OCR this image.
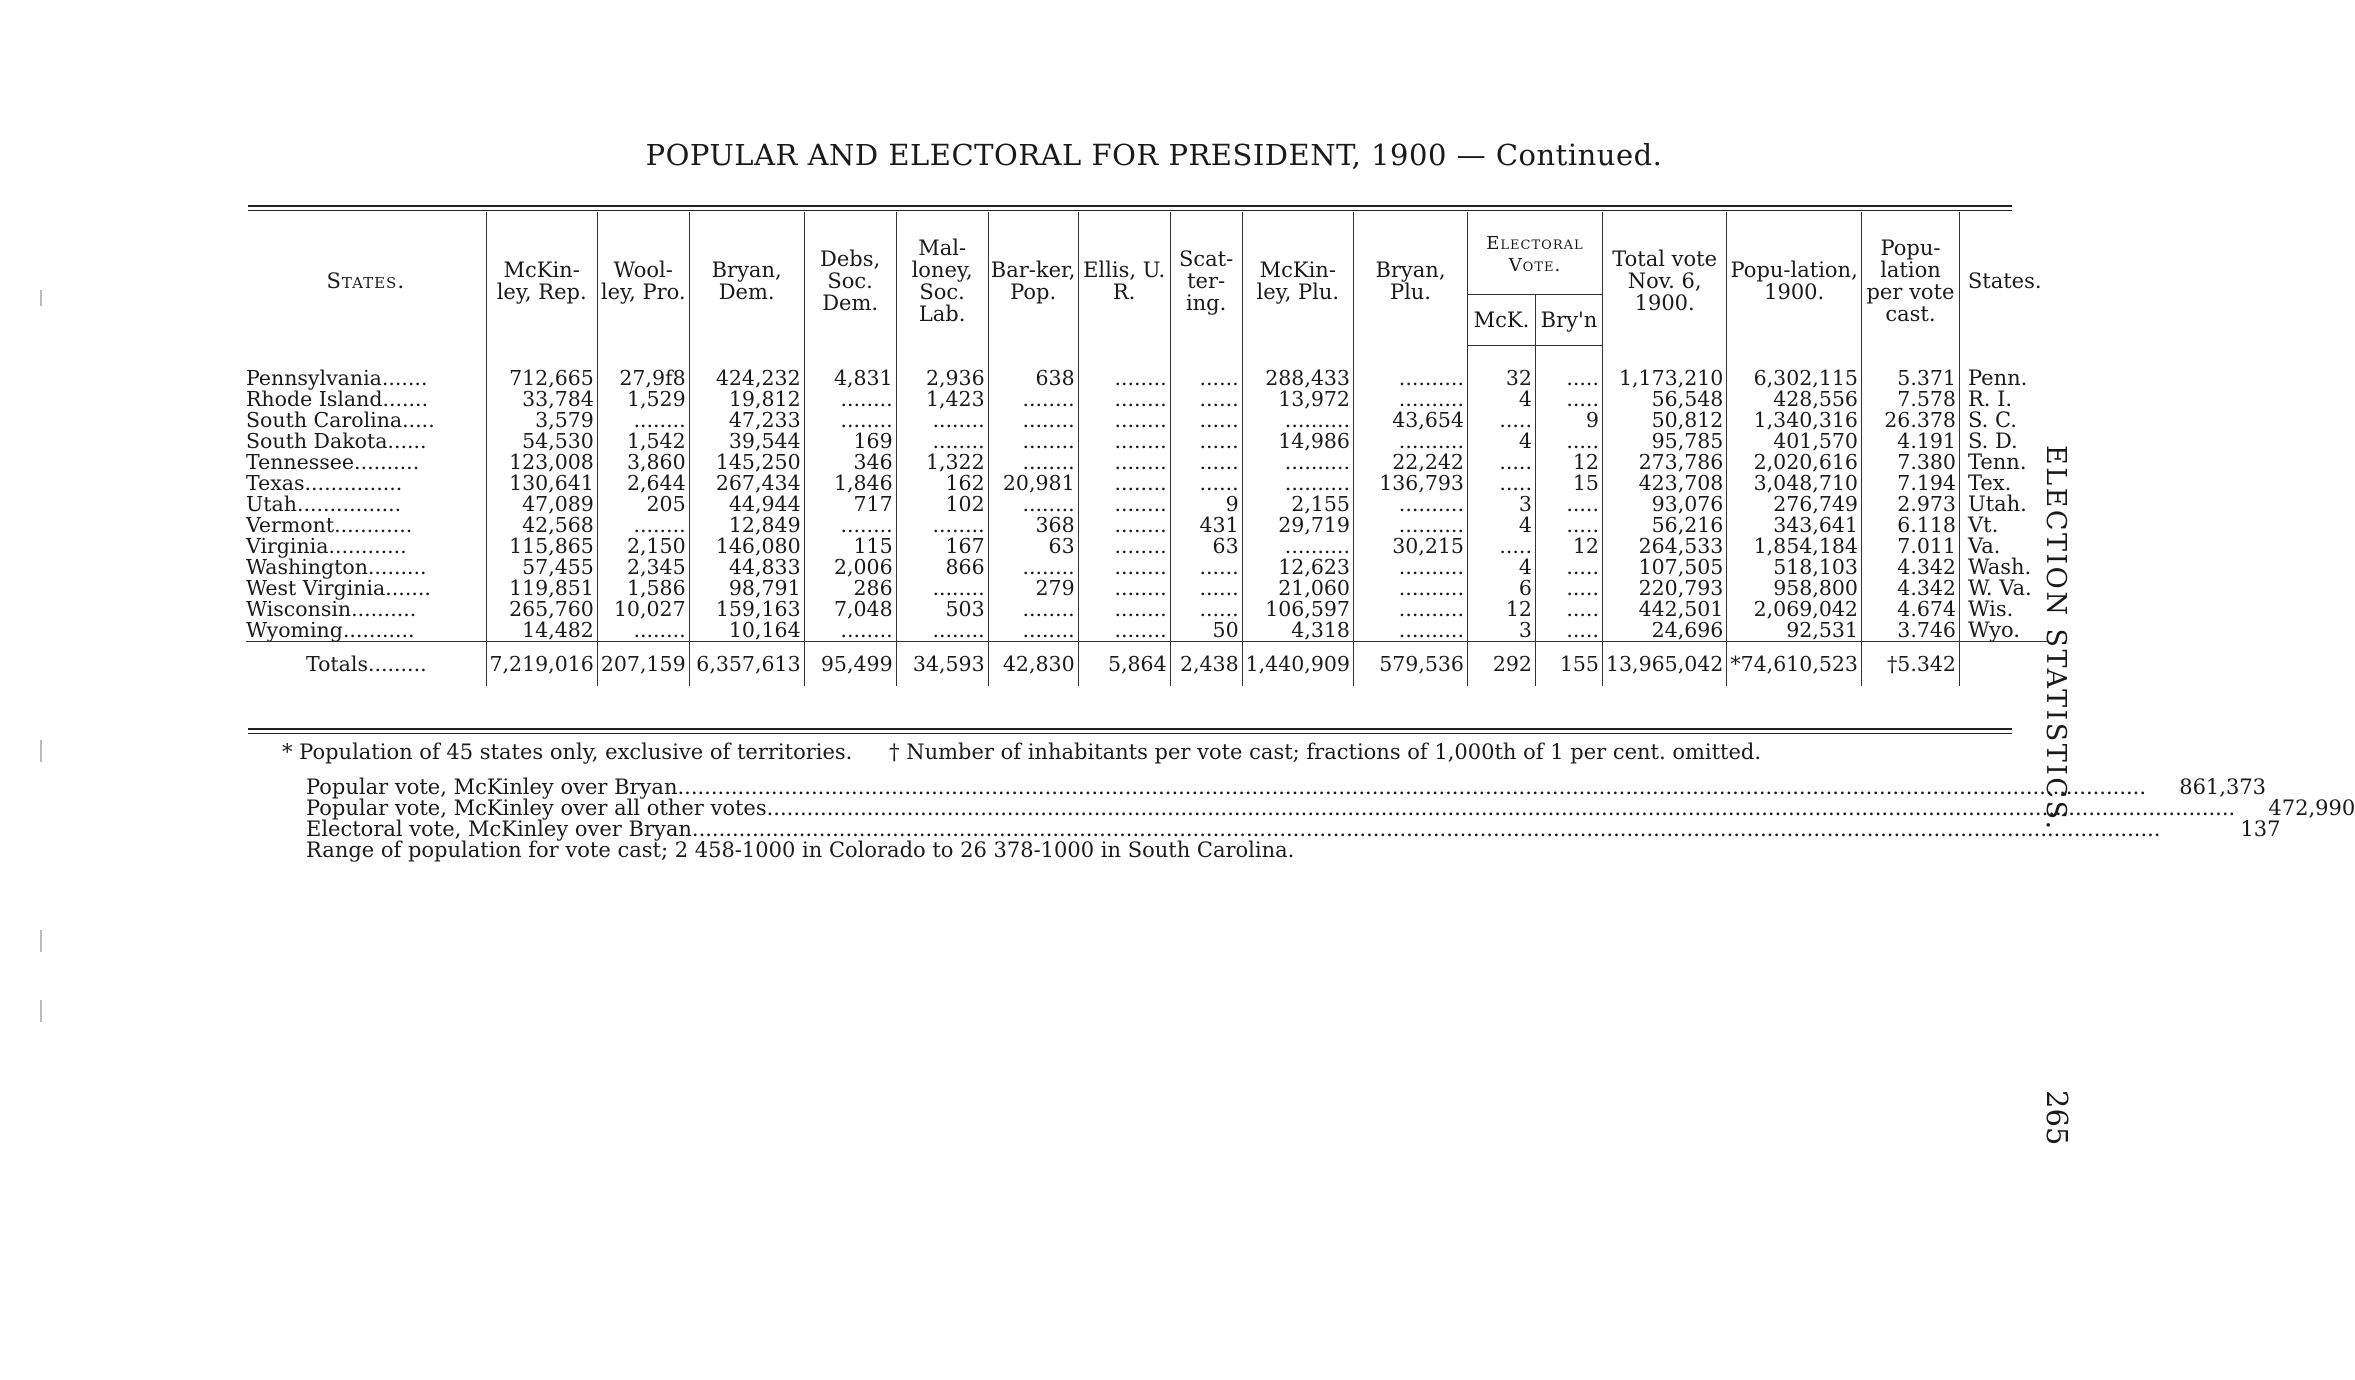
POPULAR AND ELECTORAL FOR PRESIDENT, 1900 — Continued.
States.	McKin-ley, Rep.	Wool-ley, Pro.	Bryan, Dem.	Debs, Soc. Dem.	Mal-loney, Soc. Lab.	Bar-ker, Pop.	Ellis, U. R.	Scat-ter-ing.	McKin-ley, Plu.	Bryan, Plu.	Electoral Vote.		Total vote Nov. 6, 1900.	Popu-lation, 1900.	Popu-lation per vote cast.	States.
											McK.	Bry'n				

Pennsylvania.......	712,665	27,9f8	424,232	4,831	2,936	638	........	......	288,433	..........	32	.....	1,173,210	6,302,115	5.371	Penn.
Rhode Island.......	33,784	1,529	19,812	........	1,423	........	........	......	13,972	..........	4	.....	56,548	428,556	7.578	R. I.
South Carolina.....	3,579	........	47,233	........	........	........	........	......	..........	43,654	.....	9	50,812	1,340,316	26.378	S. C.
South Dakota......	54,530	1,542	39,544	169	........	........	........	......	14,986	..........	4	.....	95,785	401,570	4.191	S. D.
Tennessee..........	123,008	3,860	145,250	346	1,322	........	........	......	..........	22,242	.....	12	273,786	2,020,616	7.380	Tenn.
Texas...............	130,641	2,644	267,434	1,846	162	20,981	........	......	..........	136,793	.....	15	423,708	3,048,710	7.194	Tex.
Utah................	47,089	205	44,944	717	102	........	........	9	2,155	..........	3	.....	93,076	276,749	2.973	Utah.
Vermont............	42,568	........	12,849	........	........	368	........	431	29,719	..........	4	.....	56,216	343,641	6.118	Vt.
Virginia............	115,865	2,150	146,080	115	167	63	........	63	..........	30,215	.....	12	264,533	1,854,184	7.011	Va.
Washington.........	57,455	2,345	44,833	2,006	866	........	........	......	12,623	..........	4	.....	107,505	518,103	4.342	Wash.
West Virginia.......	119,851	1,586	98,791	286	........	279	........	......	21,060	..........	6	.....	220,793	958,800	4.342	W. Va.
Wisconsin..........	265,760	10,027	159,163	7,048	503	........	........	......	106,597	..........	12	.....	442,501	2,069,042	4.674	Wis.
Wyoming...........	14,482	........	10,164	........	........	........	........	50	4,318	..........	3	.....	24,696	92,531	3.746	Wyo.
Totals.........	7,219,016	207,159	6,357,613	95,499	34,593	42,830	5,864	2,438	1,440,909	579,536	292	155	13,965,042	*74,610,523	†5.342	
* Population of 45 states only, exclusive of territories. † Number of inhabitants per vote cast; fractions of 1,000th of 1 per cent. omitted.
Popular vote, McKinley over Bryan ............................................................................................................................................................................................................................	861,373
Popular vote, McKinley over all other votes ............................................................................................................................................................................................................................	472,990
Electoral vote, McKinley over Bryan ............................................................................................................................................................................................................................	137
Range of population for vote cast; 2 458-1000 in Colorado to 26 378-1000 in South Carolina.
ELECTION STATISTICS.
265
